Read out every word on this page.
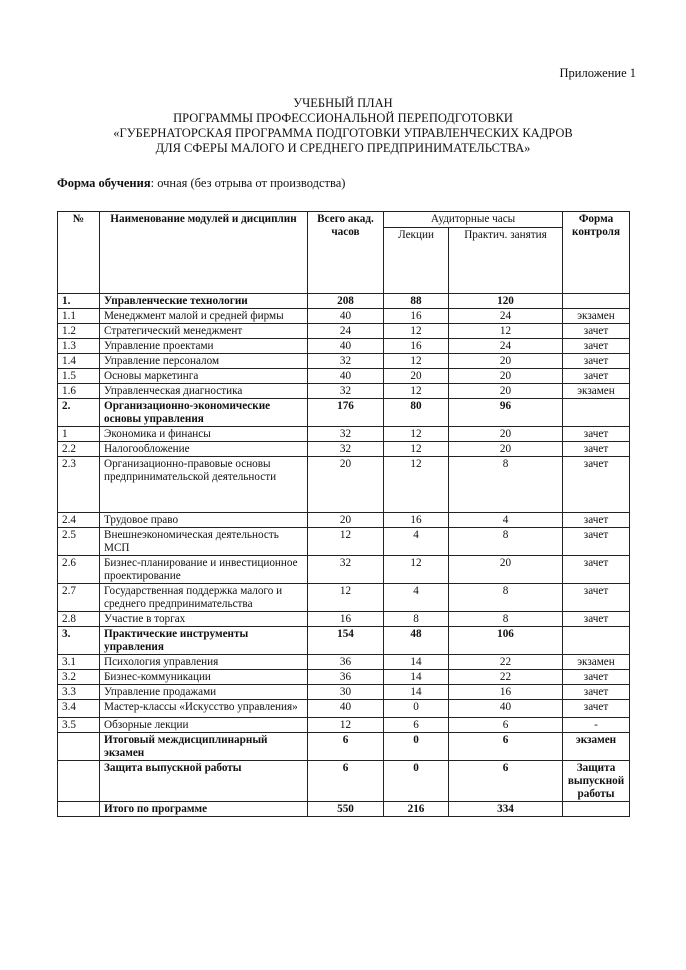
Приложение 1
УЧЕБНЫЙ ПЛАН
ПРОГРАММЫ ПРОФЕССИОНАЛЬНОЙ ПЕРЕПОДГОТОВКИ
«ГУБЕРНАТОРСКАЯ ПРОГРАММА ПОДГОТОВКИ УПРАВЛЕНЧЕСКИХ КАДРОВ
ДЛЯ СФЕРЫ МАЛОГО И СРЕДНЕГО ПРЕДПРИНИМАТЕЛЬСТВА»
Форма обучения: очная (без отрыва от производства)
№	Наименование модулей и дисциплин	Всего акад. часов	Аудиторные часы		Форма контроля
			Лекции	Практич. занятия	
1.	Управленческие технологии	208	88	120	
1.1	Менеджмент малой и средней фирмы	40	16	24	экзамен
1.2	Стратегический менеджмент	24	12	12	зачет
1.3	Управление проектами	40	16	24	зачет
1.4	Управление персоналом	32	12	20	зачет
1.5	Основы маркетинга	40	20	20	зачет
1.6	Управленческая диагностика	32	12	20	экзамен
2.	Организационно-экономические основы управления	176	80	96	
1	Экономика и финансы	32	12	20	зачет
2.2	Налогообложение	32	12	20	зачет
2.3	Организационно-правовые основы предпринимательской деятельности	20	12	8	зачет
2.4	Трудовое право	20	16	4	зачет
2.5	Внешнеэкономическая деятельность МСП	12	4	8	зачет
2.6	Бизнес-планирование и инвестиционное проектирование	32	12	20	зачет
2.7	Государственная поддержка малого и среднего предпринимательства	12	4	8	зачет
2.8	Участие в торгах	16	8	8	зачет
3.	Практические инструменты управления	154	48	106	
3.1	Психология управления	36	14	22	экзамен
3.2	Бизнес-коммуникации	36	14	22	зачет
3.3	Управление продажами	30	14	16	зачет
3.4	Мастер-классы «Искусство управления»	40	0	40	зачет
3.5	Обзорные лекции	12	6	6	-
	Итоговый междисциплинарный экзамен	6	0	6	экзамен
	Защита выпускной работы	6	0	6	Защита выпускной работы
	Итого по программе	550	216	334	
